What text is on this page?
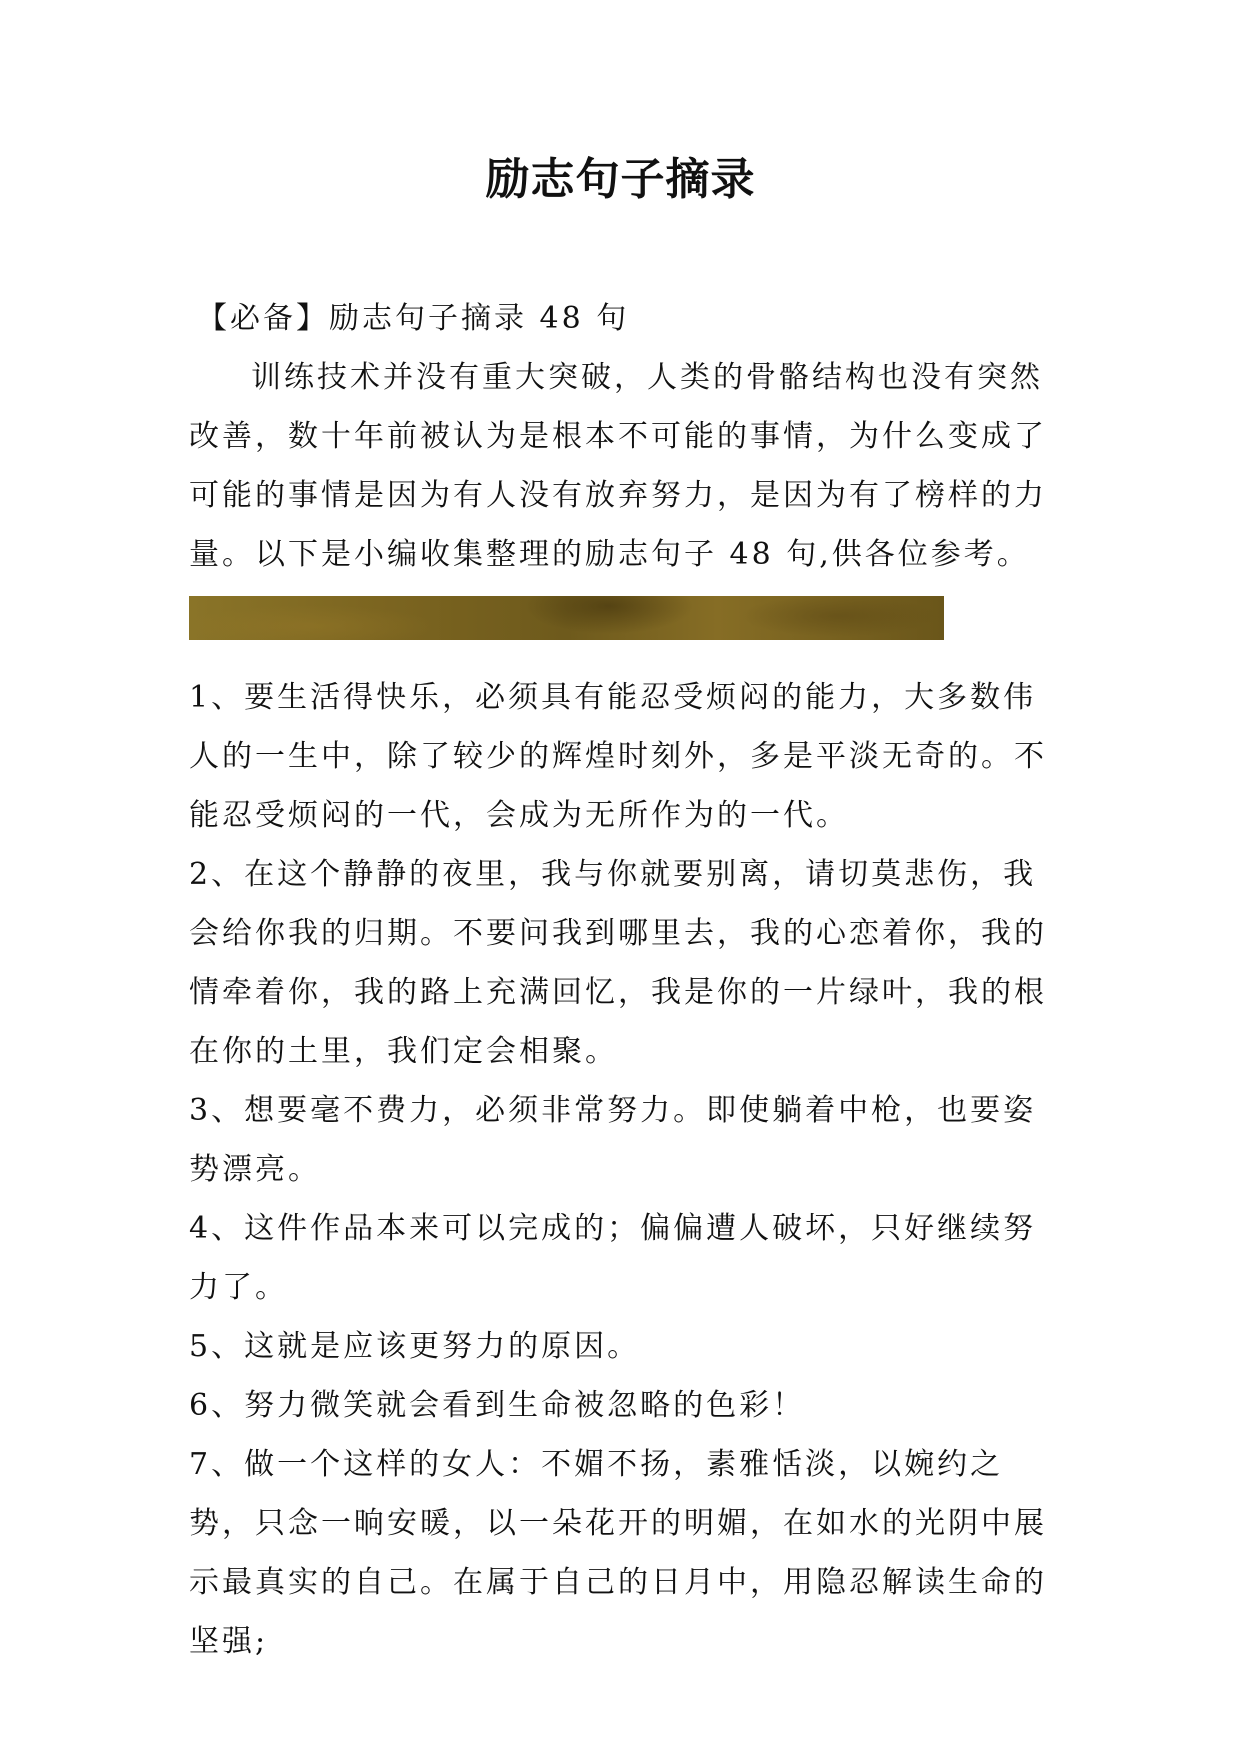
励志句子摘录

【必备】励志句子摘录 48 句

训练技术并没有重大突破，人类的骨骼结构也没有突然改善，数十年前被认为是根本不可能的事情，为什么变成了可能的事情是因为有人没有放弃努力，是因为有了榜样的力量。以下是小编收集整理的励志句子 48 句,供各位参考。

1、要生活得快乐，必须具有能忍受烦闷的能力，大多数伟人的一生中，除了较少的辉煌时刻外，多是平淡无奇的。不能忍受烦闷的一代，会成为无所作为的一代。

2、在这个静静的夜里，我与你就要别离，请切莫悲伤，我会给你我的归期。不要问我到哪里去，我的心恋着你，我的情牵着你，我的路上充满回忆，我是你的一片绿叶，我的根在你的土里，我们定会相聚。

3、想要毫不费力，必须非常努力。即使躺着中枪，也要姿势漂亮。

4、这件作品本来可以完成的；偏偏遭人破坏，只好继续努力了。

5、这就是应该更努力的原因。

6、努力微笑就会看到生命被忽略的色彩！

7、做一个这样的女人：不媚不扬，素雅恬淡，以婉约之势，只念一晌安暖，以一朵花开的明媚，在如水的光阴中展示最真实的自己。在属于自己的日月中，用隐忍解读生命的坚强;
